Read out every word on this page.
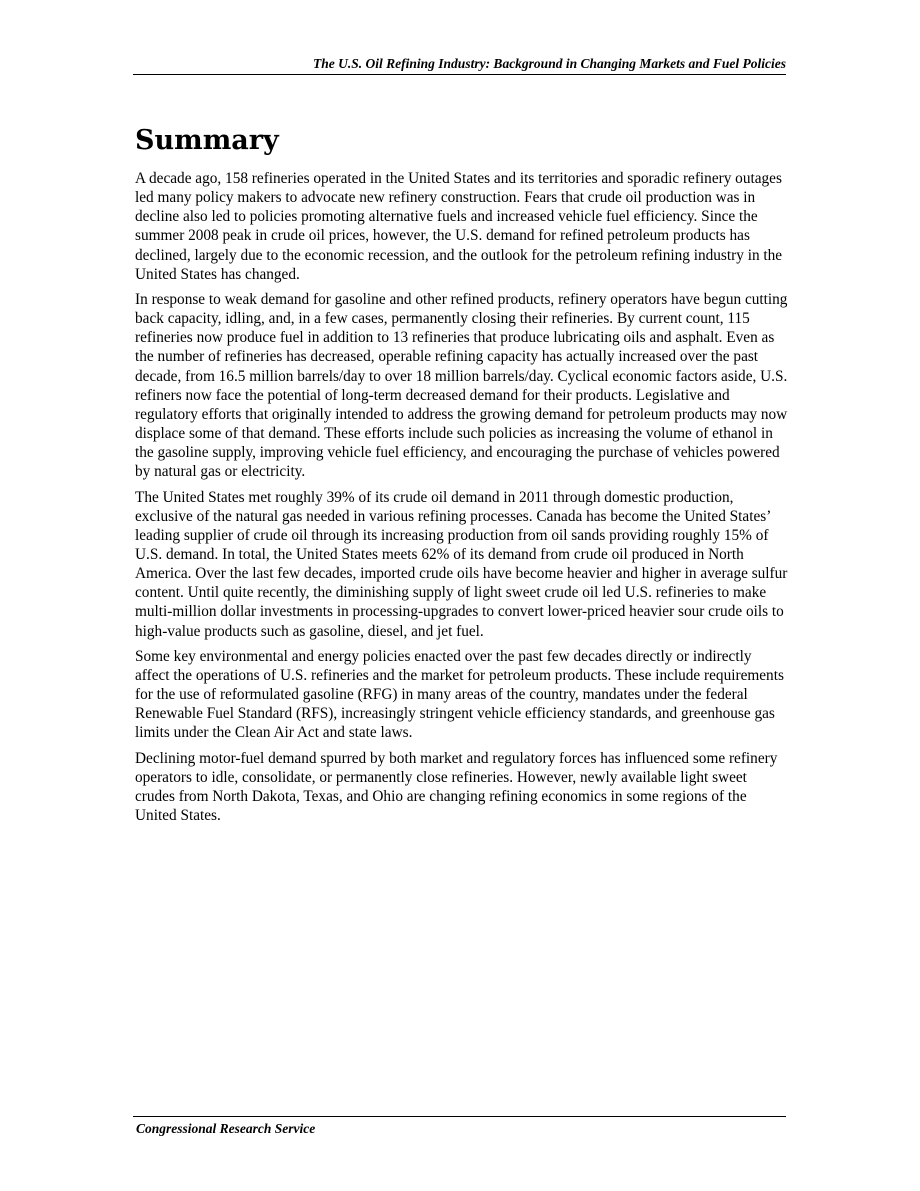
The U.S. Oil Refining Industry: Background in Changing Markets and Fuel Policies
Summary

A decade ago, 158 refineries operated in the United States and its territories and sporadic refinery outages led many policy makers to advocate new refinery construction. Fears that crude oil production was in decline also led to policies promoting alternative fuels and increased vehicle fuel efficiency. Since the summer 2008 peak in crude oil prices, however, the U.S. demand for refined petroleum products has declined, largely due to the economic recession, and the outlook for the petroleum refining industry in the United States has changed.

In response to weak demand for gasoline and other refined products, refinery operators have begun cutting back capacity, idling, and, in a few cases, permanently closing their refineries. By current count, 115 refineries now produce fuel in addition to 13 refineries that produce lubricating oils and asphalt. Even as the number of refineries has decreased, operable refining capacity has actually increased over the past decade, from 16.5 million barrels/day to over 18 million barrels/day. Cyclical economic factors aside, U.S. refiners now face the potential of long-term decreased demand for their products. Legislative and regulatory efforts that originally intended to address the growing demand for petroleum products may now displace some of that demand. These efforts include such policies as increasing the volume of ethanol in the gasoline supply, improving vehicle fuel efficiency, and encouraging the purchase of vehicles powered by natural gas or electricity.

The United States met roughly 39% of its crude oil demand in 2011 through domestic production, exclusive of the natural gas needed in various refining processes. Canada has become the United States’ leading supplier of crude oil through its increasing production from oil sands providing roughly 15% of U.S. demand. In total, the United States meets 62% of its demand from crude oil produced in North America. Over the last few decades, imported crude oils have become heavier and higher in average sulfur content. Until quite recently, the diminishing supply of light sweet crude oil led U.S. refineries to make multi-million dollar investments in processing-upgrades to convert lower-priced heavier sour crude oils to high-value products such as gasoline, diesel, and jet fuel.

Some key environmental and energy policies enacted over the past few decades directly or indirectly affect the operations of U.S. refineries and the market for petroleum products. These include requirements for the use of reformulated gasoline (RFG) in many areas of the country, mandates under the federal Renewable Fuel Standard (RFS), increasingly stringent vehicle efficiency standards, and greenhouse gas limits under the Clean Air Act and state laws.

Declining motor-fuel demand spurred by both market and regulatory forces has influenced some refinery operators to idle, consolidate, or permanently close refineries. However, newly available light sweet crudes from North Dakota, Texas, and Ohio are changing refining economics in some regions of the United States.

Congressional Research Service
